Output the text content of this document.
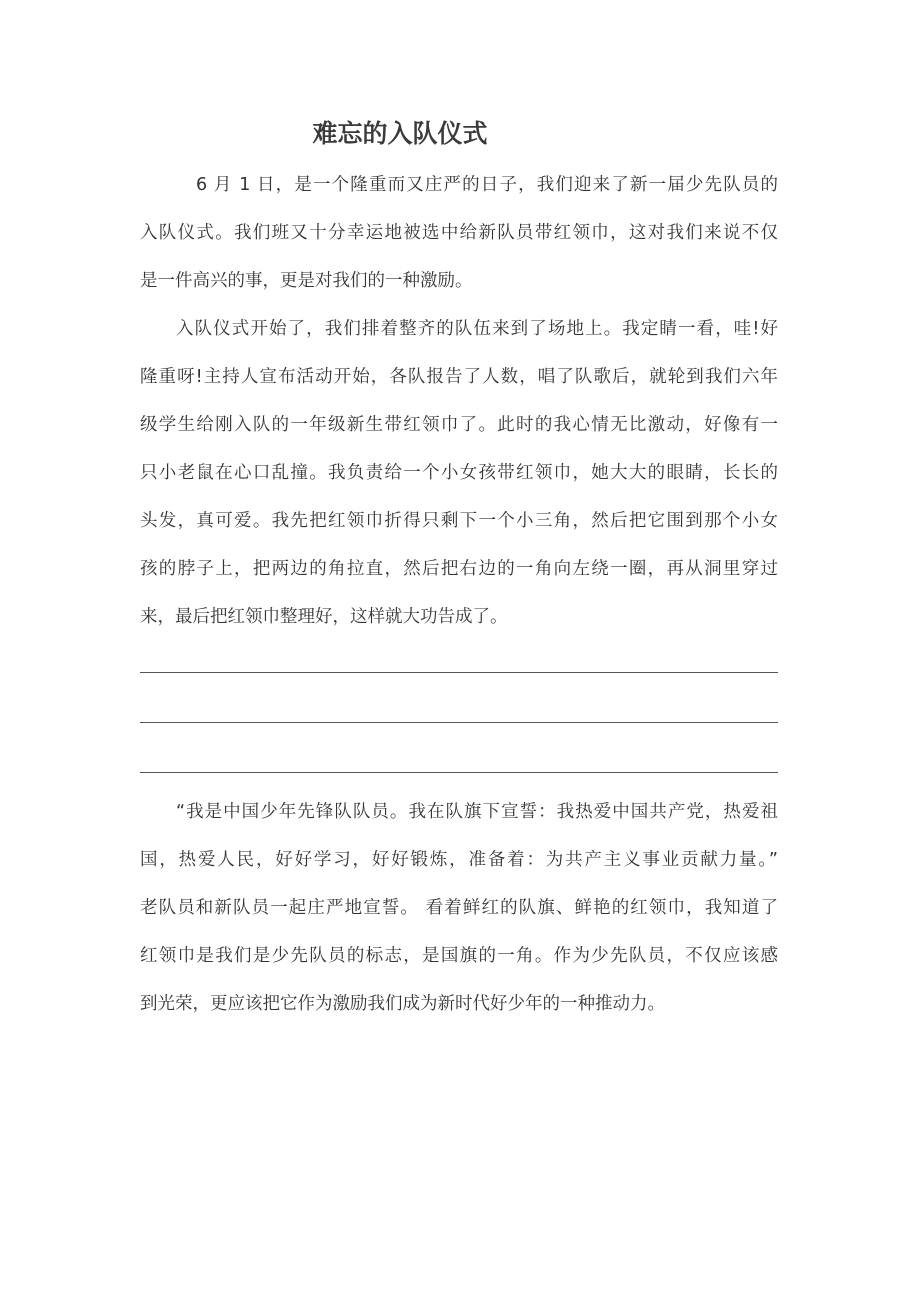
难忘的入队仪式
6 月 1 日，是一个隆重而又庄严的日子，我们迎来了新一届少先队员的
入队仪式。我们班又十分幸运地被选中给新队员带红领巾，这对我们来说不仅
是一件高兴的事，更是对我们的一种激励。
入队仪式开始了，我们排着整齐的队伍来到了场地上。我定睛一看，哇!好
隆重呀!主持人宣布活动开始，各队报告了人数，唱了队歌后，就轮到我们六年
级学生给刚入队的一年级新生带红领巾了。此时的我心情无比激动，好像有一
只小老鼠在心口乱撞。我负责给一个小女孩带红领巾，她大大的眼睛，长长的
头发，真可爱。我先把红领巾折得只剩下一个小三角，然后把它围到那个小女
孩的脖子上，把两边的角拉直，然后把右边的一角向左绕一圈，再从洞里穿过
来，最后把红领巾整理好，这样就大功告成了。
“我是中国少年先锋队队员。我在队旗下宣誓：我热爱中国共产党，热爱祖
国，热爱人民，好好学习，好好锻炼，准备着：为共产主义事业贡献力量。”
老队员和新队员一起庄严地宣誓。 看着鲜红的队旗、鲜艳的红领巾，我知道了
红领巾是我们是少先队员的标志，是国旗的一角。作为少先队员，不仅应该感
到光荣，更应该把它作为激励我们成为新时代好少年的一种推动力。
